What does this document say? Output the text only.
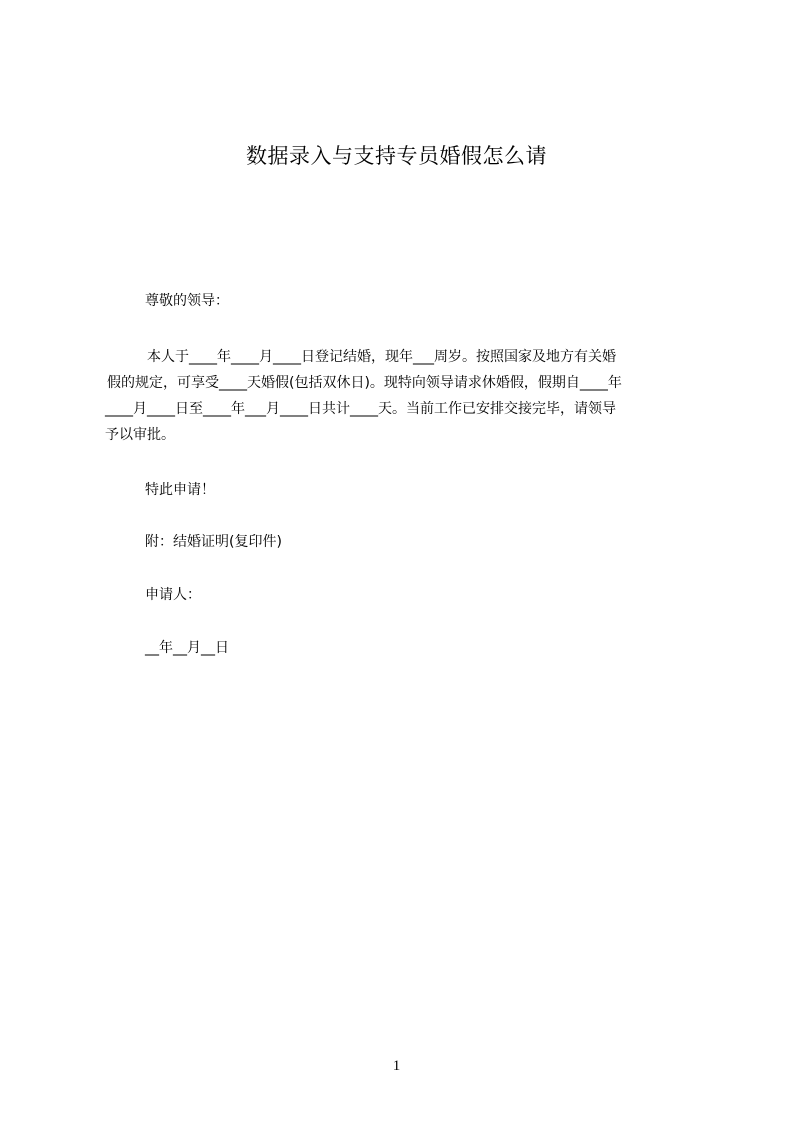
数据录入与支持专员婚假怎么请

尊敬的领导：

本人于____年____月____日登记结婚，现年___周岁。按照国家及地方有关婚
假的规定，可享受____天婚假(包括双休日)。现特向领导请求休婚假，假期自____年
____月____日至____年___月____日共计____天。当前工作已安排交接完毕，请领导
予以审批。

特此申请！

附：结婚证明(复印件)

申请人：

__年__月__日

1
